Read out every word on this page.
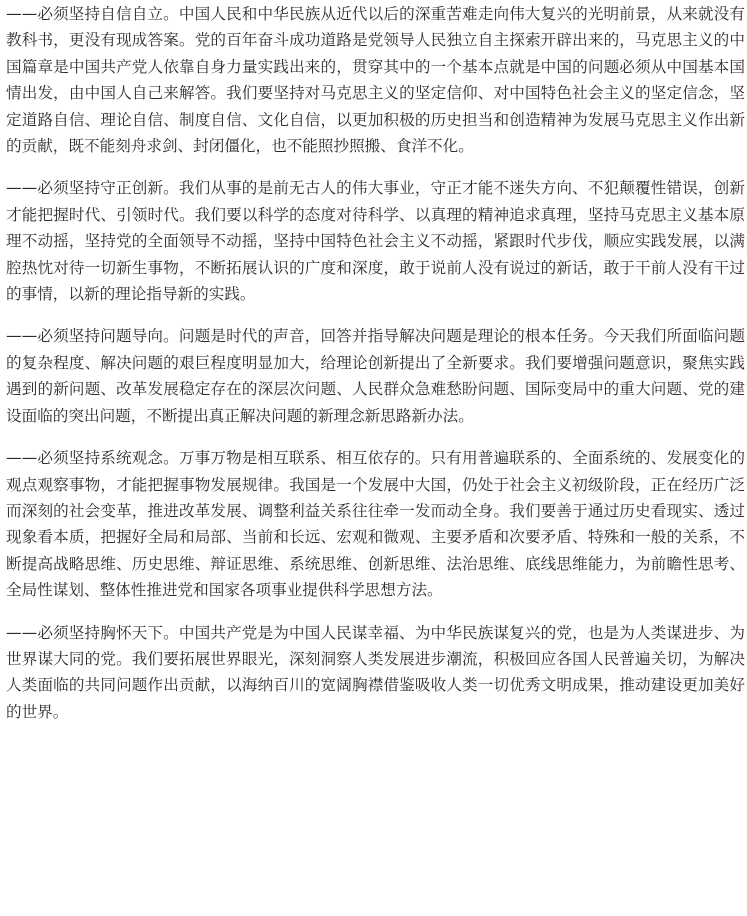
——必须坚持自信自立。中国人民和中华民族从近代以后的深重苦难走向伟大复兴的光明前景，从来就没有教科书，更没有现成答案。党的百年奋斗成功道路是党领导人民独立自主探索开辟出来的，马克思主义的中国篇章是中国共产党人依靠自身力量实践出来的，贯穿其中的一个基本点就是中国的问题必须从中国基本国情出发，由中国人自己来解答。我们要坚持对马克思主义的坚定信仰、对中国特色社会主义的坚定信念，坚定道路自信、理论自信、制度自信、文化自信，以更加积极的历史担当和创造精神为发展马克思主义作出新的贡献，既不能刻舟求剑、封闭僵化，也不能照抄照搬、食洋不化。

——必须坚持守正创新。我们从事的是前无古人的伟大事业，守正才能不迷失方向、不犯颠覆性错误，创新才能把握时代、引领时代。我们要以科学的态度对待科学、以真理的精神追求真理，坚持马克思主义基本原理不动摇，坚持党的全面领导不动摇，坚持中国特色社会主义不动摇，紧跟时代步伐，顺应实践发展，以满腔热忱对待一切新生事物，不断拓展认识的广度和深度，敢于说前人没有说过的新话，敢于干前人没有干过的事情，以新的理论指导新的实践。

——必须坚持问题导向。问题是时代的声音，回答并指导解决问题是理论的根本任务。今天我们所面临问题的复杂程度、解决问题的艰巨程度明显加大，给理论创新提出了全新要求。我们要增强问题意识，聚焦实践遇到的新问题、改革发展稳定存在的深层次问题、人民群众急难愁盼问题、国际变局中的重大问题、党的建设面临的突出问题，不断提出真正解决问题的新理念新思路新办法。

——必须坚持系统观念。万事万物是相互联系、相互依存的。只有用普遍联系的、全面系统的、发展变化的观点观察事物，才能把握事物发展规律。我国是一个发展中大国，仍处于社会主义初级阶段，正在经历广泛而深刻的社会变革，推进改革发展、调整利益关系往往牵一发而动全身。我们要善于通过历史看现实、透过现象看本质，把握好全局和局部、当前和长远、宏观和微观、主要矛盾和次要矛盾、特殊和一般的关系，不断提高战略思维、历史思维、辩证思维、系统思维、创新思维、法治思维、底线思维能力，为前瞻性思考、全局性谋划、整体性推进党和国家各项事业提供科学思想方法。

——必须坚持胸怀天下。中国共产党是为中国人民谋幸福、为中华民族谋复兴的党，也是为人类谋进步、为世界谋大同的党。我们要拓展世界眼光，深刻洞察人类发展进步潮流，积极回应各国人民普遍关切，为解决人类面临的共同问题作出贡献，以海纳百川的宽阔胸襟借鉴吸收人类一切优秀文明成果，推动建设更加美好的世界。
